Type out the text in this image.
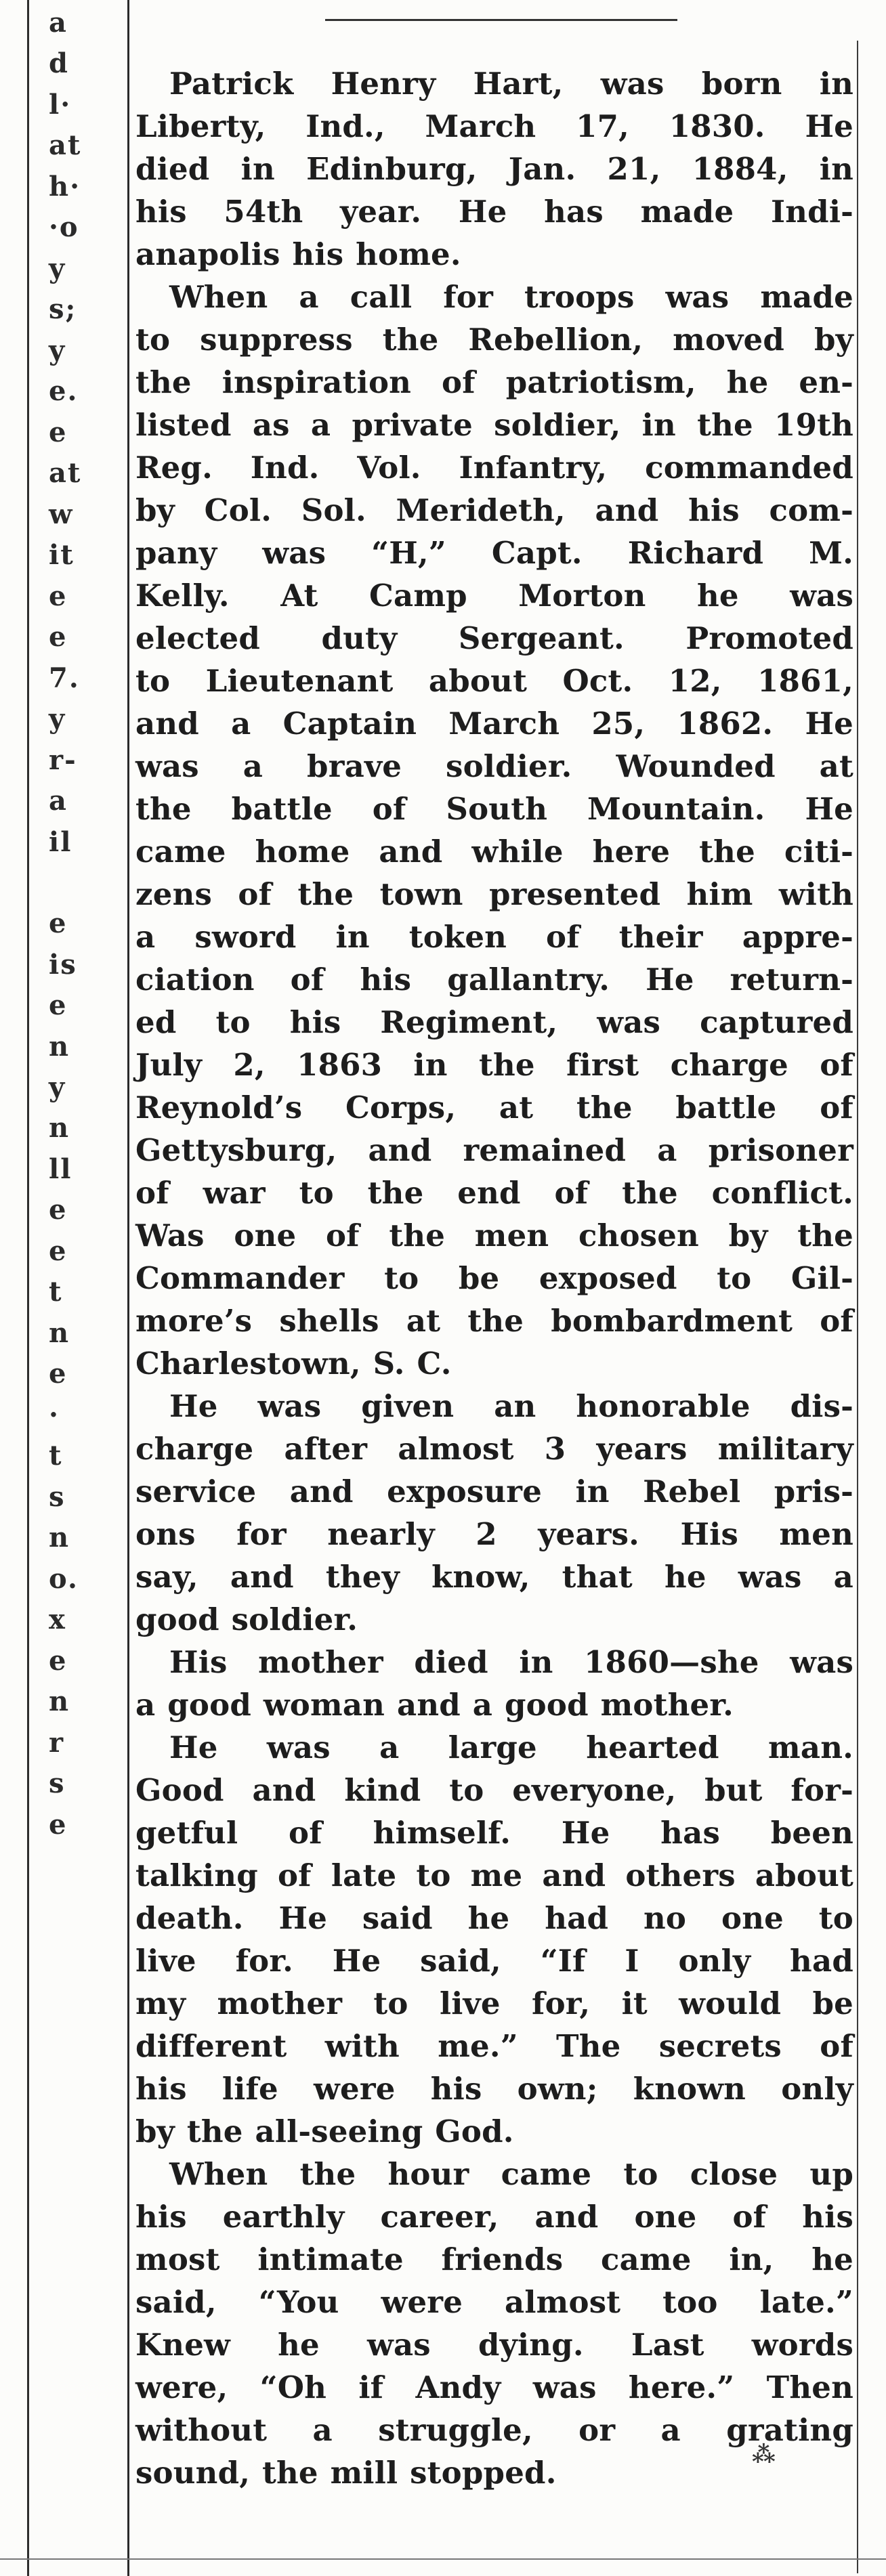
a
d
l·
at
h·
·o
y
s;
y
e.
e
at
w
it
e
e
7.
y
r-
a
il
e
is
e
n
y
n
ll
e
e
t
n
e
·
t
s
n
o.
x
e
n
r
s
e

Patrick Henry Hart, was born in
Liberty, Ind., March 17, 1830. He
died in Edinburg, Jan. 21, 1884, in
his 54th year. He has made Indi-
anapolis his home.
When a call for troops was made
to suppress the Rebellion, moved by
the inspiration of patriotism, he en-
listed as a private soldier, in the 19th
Reg. Ind. Vol. Infantry, commanded
by Col. Sol. Merideth, and his com-
pany was “H,” Capt. Richard M.
Kelly. At Camp Morton he was
elected duty Sergeant. Promoted
to Lieutenant about Oct. 12, 1861,
and a Captain March 25, 1862. He
was a brave soldier. Wounded at
the battle of South Mountain. He
came home and while here the citi-
zens of the town presented him with
a sword in token of their appre-
ciation of his gallantry. He return-
ed to his Regiment, was captured
July 2, 1863 in the first charge of
Reynold’s Corps, at the battle of
Gettysburg, and remained a prisoner
of war to the end of the conflict.
Was one of the men chosen by the
Commander to be exposed to Gil-
more’s shells at the bombardment of
Charlestown, S. C.
He was given an honorable dis-
charge after almost 3 years military
service and exposure in Rebel pris-
ons for nearly 2 years. His men
say, and they know, that he was a
good soldier.
His mother died in 1860—she was
a good woman and a good mother.
He was a large hearted man.
Good and kind to everyone, but for-
getful of himself. He has been
talking of late to me and others about
death. He said he had no one to
live for. He said, “If I only had
my mother to live for, it would be
different with me.” The secrets of
his life were his own; known only
by the all-seeing God.
When the hour came to close up
his earthly career, and one of his
most intimate friends came in, he
said, “You were almost too late.”
Knew he was dying. Last words
were, “Oh if Andy was here.” Then
without a struggle, or a grating
sound, the mill stopped.	⁂
